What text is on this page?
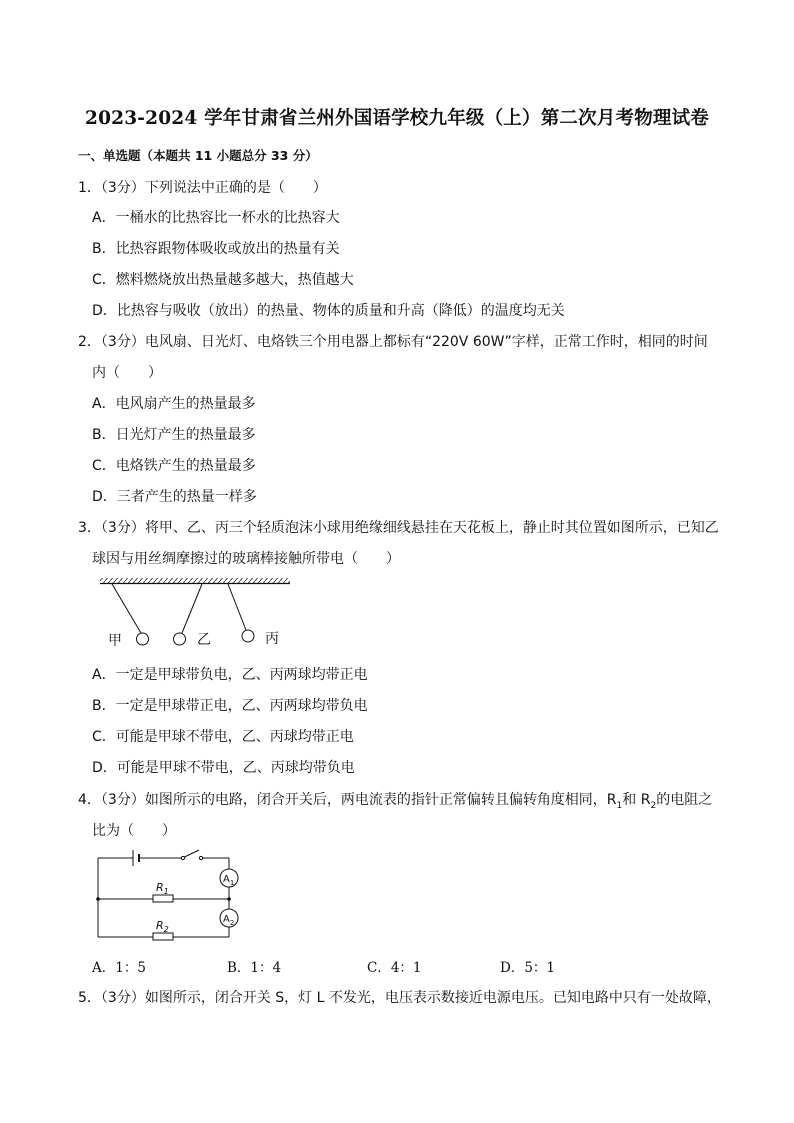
2023-2024 学年甘肃省兰州外国语学校九年级（上）第二次月考物理试卷
一、单选题（本题共 11 小题总分 33 分）
1．（3分）下列说法中正确的是（　　）
A．一桶水的比热容比一杯水的比热容大
B．比热容跟物体吸收或放出的热量有关
C．燃料燃烧放出热量越多越大，热值越大
D．比热容与吸收（放出）的热量、物体的质量和升高（降低）的温度均无关
2．（3分）电风扇、日光灯、电烙铁三个用电器上都标有“220V 60W”字样，正常工作时，相同的时间
内（　　）
A．电风扇产生的热量最多
B．日光灯产生的热量最多
C．电烙铁产生的热量最多
D．三者产生的热量一样多
3．（3分）将甲、乙、丙三个轻质泡沫小球用绝缘细线悬挂在天花板上，静止时其位置如图所示，已知乙
球因与用丝绸摩擦过的玻璃棒接触所带电（　　）
甲	乙	丙
A．一定是甲球带负电，乙、丙两球均带正电
B．一定是甲球带正电，乙、丙两球均带负电
C．可能是甲球不带电，乙、丙球均带正电
D．可能是甲球不带电，乙、丙球均带负电
4．（3分）如图所示的电路，闭合开关后，两电流表的指针正常偏转且偏转角度相同，$R_1$和 $R_2$的电阻之
比为（　　）
$R_1$
$R_2$
$A_1$
$A_2$
A．1：5	B．1：4	C．4：1	D．5：1
5．（3分）如图所示，闭合开关 S，灯 L 不发光，电压表示数接近电源电压。已知电路中只有一处故障，
